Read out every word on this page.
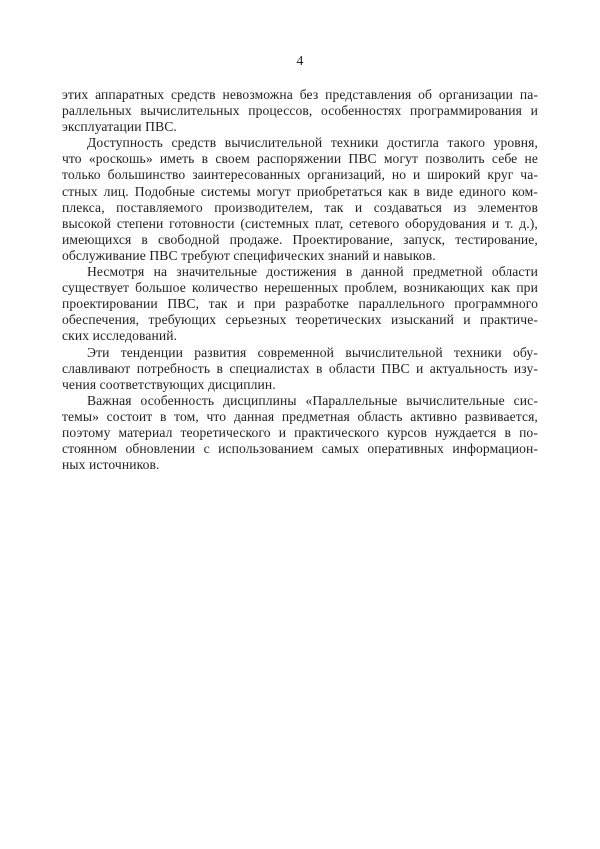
4
этих аппаратных средств невозможна без представления об организации па-
раллельных вычислительных процессов, особенностях программирования и
эксплуатации ПВС.
Доступность средств вычислительной техники достигла такого уровня,
что «роскошь» иметь в своем распоряжении ПВС могут позволить себе не
только большинство заинтересованных организаций, но и широкий круг ча-
стных лиц. Подобные системы могут приобретаться как в виде единого ком-
плекса, поставляемого производителем, так и создаваться из элементов
высокой степени готовности (системных плат, сетевого оборудования и т. д.),
имеющихся в свободной продаже. Проектирование, запуск, тестирование,
обслуживание ПВС требуют специфических знаний и навыков.
Несмотря на значительные достижения в данной предметной области
существует большое количество нерешенных проблем, возникающих как при
проектировании ПВС, так и при разработке параллельного программного
обеспечения, требующих серьезных теоретических изысканий и практиче-
ских исследований.
Эти тенденции развития современной вычислительной техники обу-
славливают потребность в специалистах в области ПВС и актуальность изу-
чения соответствующих дисциплин.
Важная особенность дисциплины «Параллельные вычислительные сис-
темы» состоит в том, что данная предметная область активно развивается,
поэтому материал теоретического и практического курсов нуждается в по-
стоянном обновлении с использованием самых оперативных информацион-
ных источников.
